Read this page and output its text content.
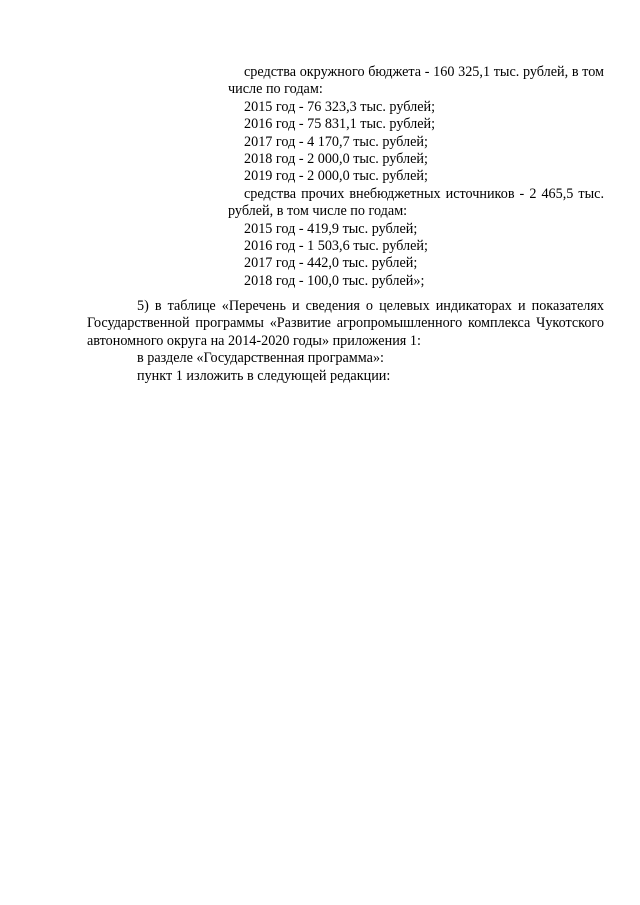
средства окружного бюджета - 160 325,1 тыс. рублей, в том числе по годам:

2015 год - 76 323,3 тыс. рублей;

2016 год - 75 831,1 тыс. рублей;

2017 год - 4 170,7 тыс. рублей;

2018 год - 2 000,0 тыс. рублей;

2019 год - 2 000,0 тыс. рублей;

средства прочих внебюджетных источников - 2 465,5 тыс. рублей, в том числе по годам:

2015 год - 419,9 тыс. рублей;

2016 год - 1 503,6 тыс. рублей;

2017 год - 442,0 тыс. рублей;

2018 год - 100,0 тыс. рублей»;

5) в таблице «Перечень и сведения о целевых индикаторах и показателях Государственной программы «Развитие агропромышленного комплекса Чукотского автономного округа на 2014-2020 годы» приложения 1:

в разделе «Государственная программа»:

пункт 1 изложить в следующей редакции:
